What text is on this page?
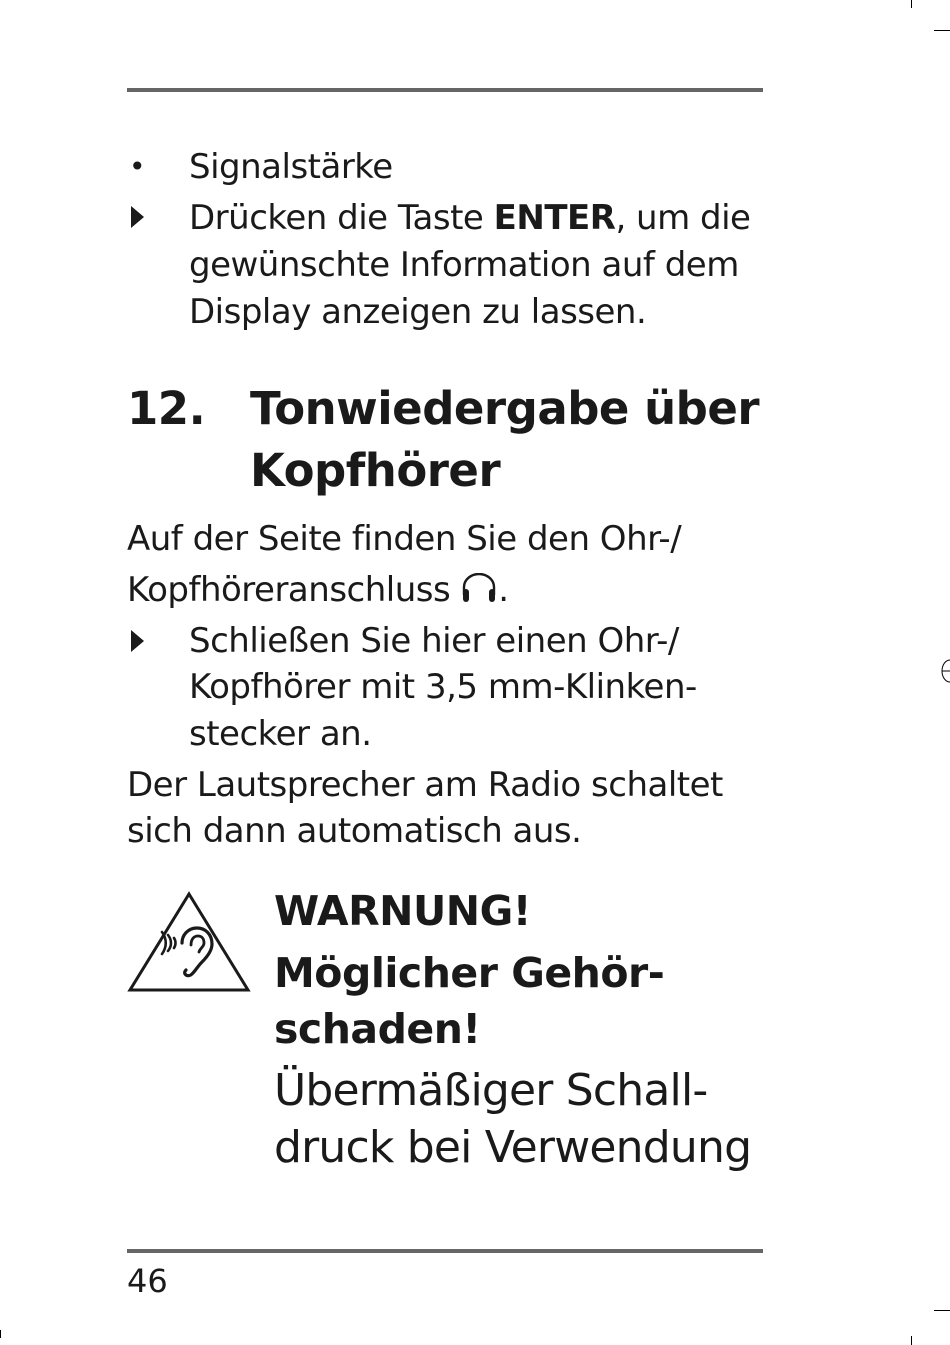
• Signalstärke
Drücken die Taste ENTER, um die gewünschte Information auf dem Display anzeigen zu lassen.
12. Tonwiedergabe über
Kopfhörer
Auf der Seite finden Sie den Ohr-/
Kopfhöreranschluss .
Schließen Sie hier einen Ohr-/
Kopfhörer mit 3,5 mm-Klinken-
stecker an.
Der Lautsprecher am Radio schaltet
sich dann automatisch aus.
WARNUNG!
Möglicher Gehör-
schaden!
Übermäßiger Schall-
druck bei Verwendung
46
